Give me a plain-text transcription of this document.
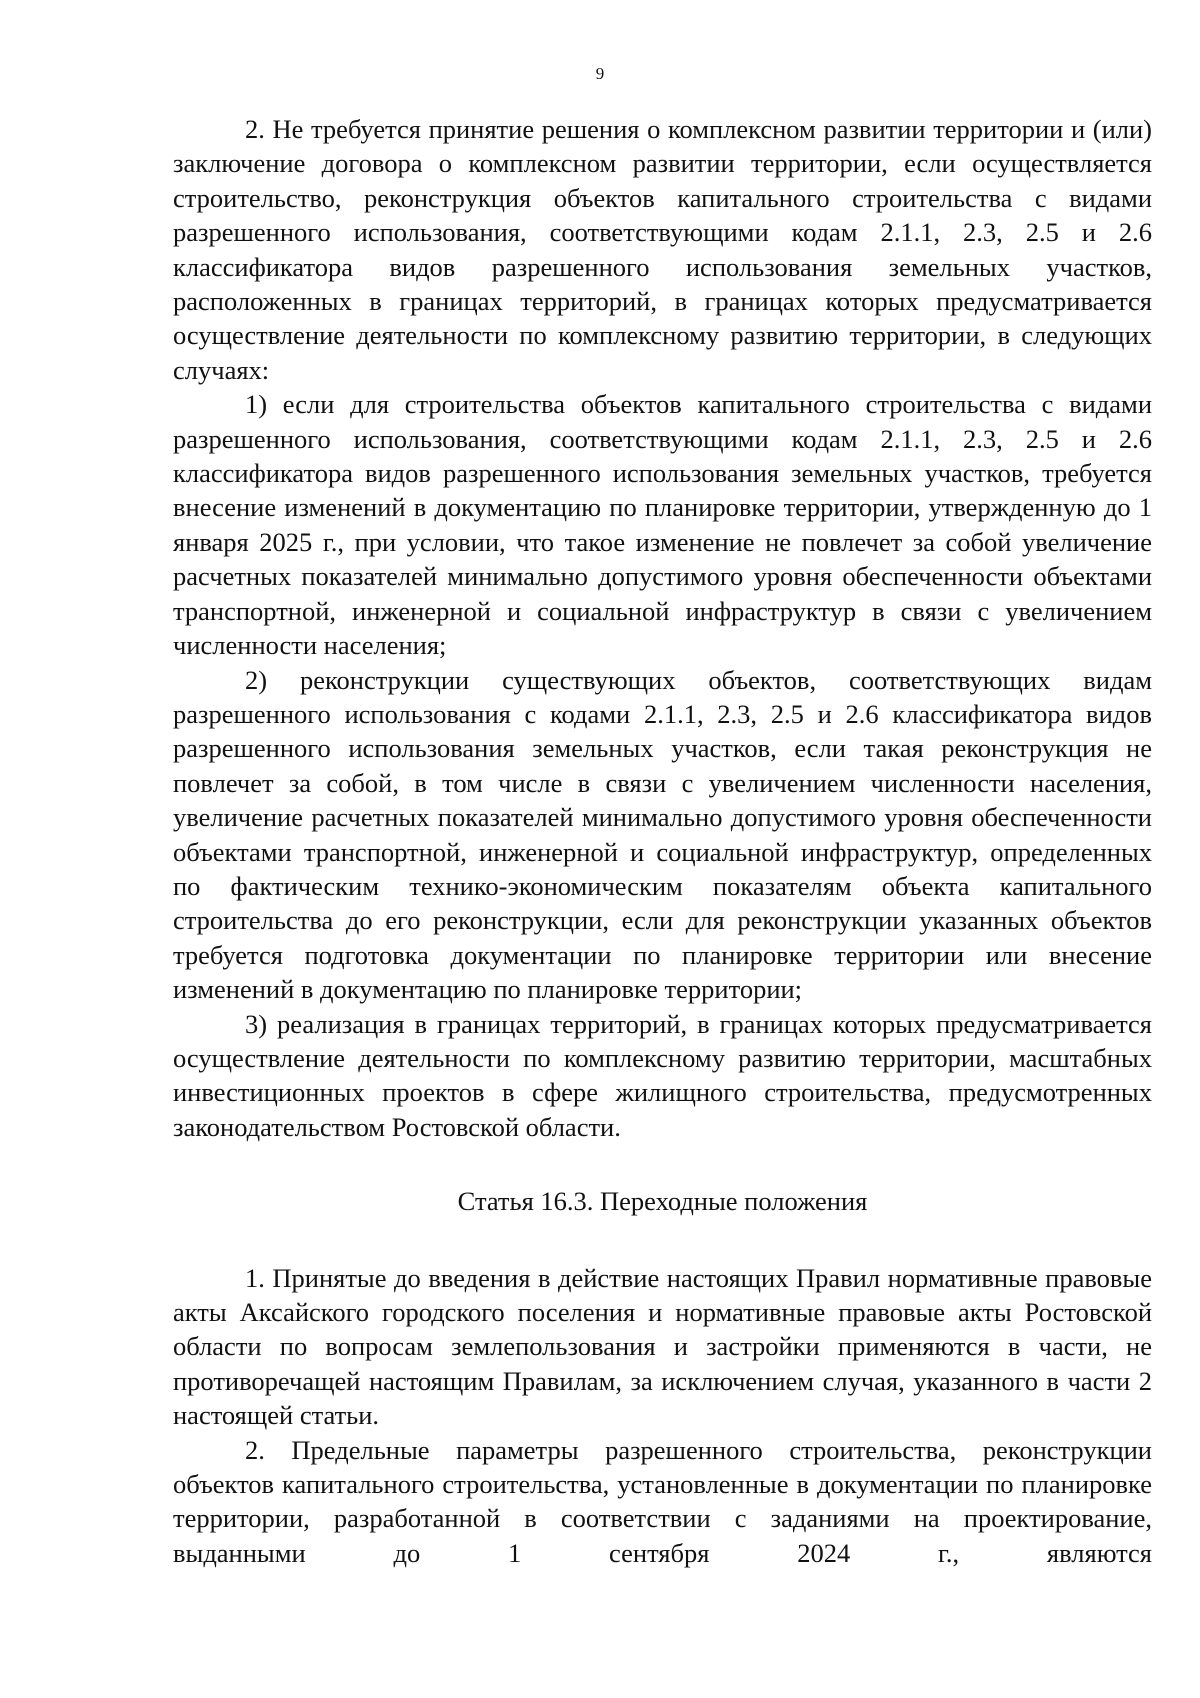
9

2. Не требуется принятие решения о комплексном развитии территории и (или) заключение договора о комплексном развитии территории, если осуществляется строительство, реконструкция объектов капитального строительства с видами разрешенного использования, соответствующими кодам 2.1.1, 2.3, 2.5 и 2.6 классификатора видов разрешенного использования земельных участков, расположенных в границах территорий, в границах которых предусматривается осуществление деятельности по комплексному развитию территории, в следующих случаях:

1) если для строительства объектов капитального строительства с видами разрешенного использования, соответствующими кодам 2.1.1, 2.3, 2.5 и 2.6 классификатора видов разрешенного использования земельных участков, требуется внесение изменений в документацию по планировке территории, утвержденную до 1 января 2025 г., при условии, что такое изменение не повлечет за собой увеличение расчетных показателей минимально допустимого уровня обеспеченности объектами транспортной, инженерной и социальной инфраструктур в связи с увеличением численности населения;

2) реконструкции существующих объектов, соответствующих видам разрешенного использования с кодами 2.1.1, 2.3, 2.5 и 2.6 классификатора видов разрешенного использования земельных участков, если такая реконструкция не повлечет за собой, в том числе в связи с увеличением численности населения, увеличение расчетных показателей минимально допустимого уровня обеспеченности объектами транспортной, инженерной и социальной инфраструктур, определенных по фактическим технико-экономическим показателям объекта капитального строительства до его реконструкции, если для реконструкции указанных объектов требуется подготовка документации по планировке территории или внесение изменений в документацию по планировке территории;

3) реализация в границах территорий, в границах которых предусматривается осуществление деятельности по комплексному развитию территории, масштабных инвестиционных проектов в сфере жилищного строительства, предусмотренных законодательством Ростовской области.

Статья 16.3. Переходные положения

1. Принятые до введения в действие настоящих Правил нормативные правовые акты Аксайского городского поселения и нормативные правовые акты Ростовской области по вопросам землепользования и застройки применяются в части, не противоречащей настоящим Правилам, за исключением случая, указанного в части 2 настоящей статьи.

2. Предельные параметры разрешенного строительства, реконструкции объектов капитального строительства, установленные в документации по планировке территории, разработанной в соответствии с заданиями на проектирование, выданными до 1 сентября 2024 г., являются
